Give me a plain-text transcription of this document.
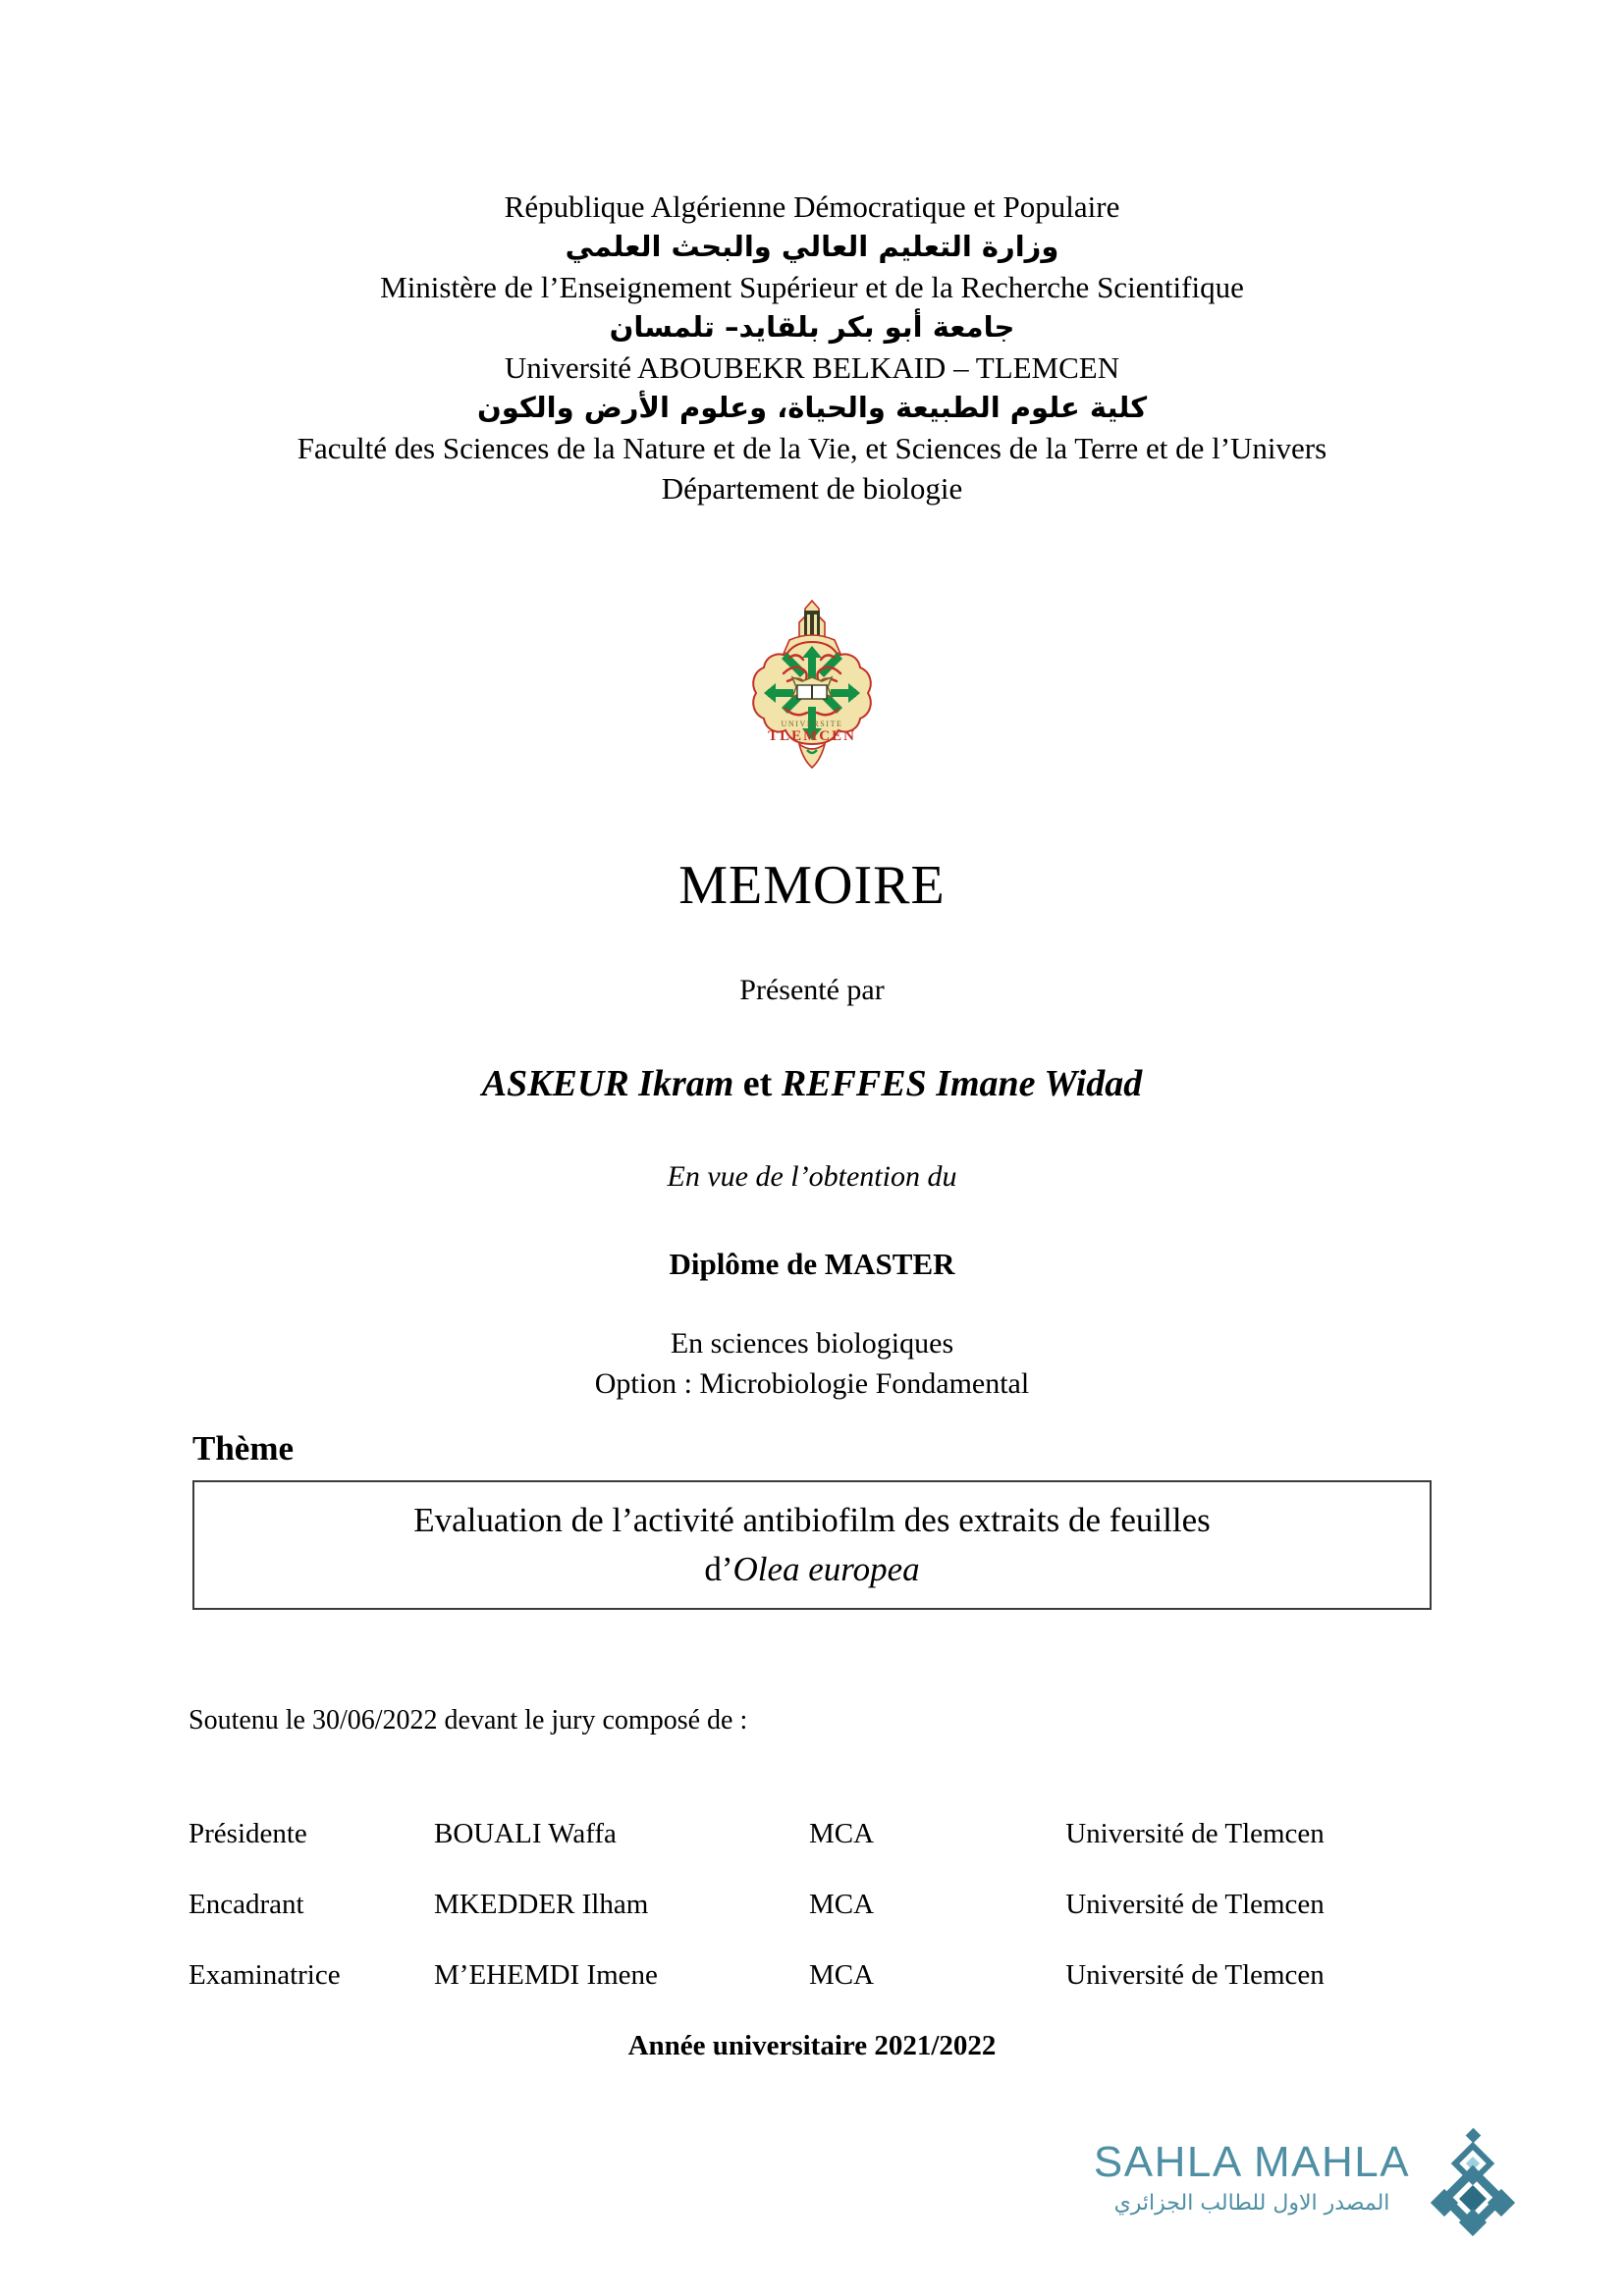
République Algérienne Démocratique et Populaire
وزارة التعليم العالي والبحث العلمي
Ministère de l’Enseignement Supérieur et de la Recherche Scientifique
جامعة أبو بكر بلقايد– تلمسان
Université ABOUBEKR BELKAID – TLEMCEN
كلية علوم الطبيعة والحياة، وعلوم الأرض والكون
Faculté des Sciences de la Nature et de la Vie, et Sciences de la Terre et de l’Univers
Département de biologie
UNIVERSITE
TLEMCEN
MEMOIRE
Présenté par
ASKEUR Ikram et REFFES Imane Widad
En vue de l’obtention du
Diplôme de MASTER
En sciences biologiques
Option : Microbiologie Fondamental
Thème
Evaluation de l’activité antibiofilm des extraits de feuilles
d’Olea europea
Soutenu le 30/06/2022 devant le jury composé de :
Présidente	BOUALI Waffa	MCA	Université de Tlemcen
Encadrant	MKEDDER Ilham	MCA	Université de Tlemcen
Examinatrice	M’EHEMDI Imene	MCA	Université de Tlemcen
Année universitaire 2021/2022
SAHLA MAHLA
المصدر الاول للطالب الجزائري
